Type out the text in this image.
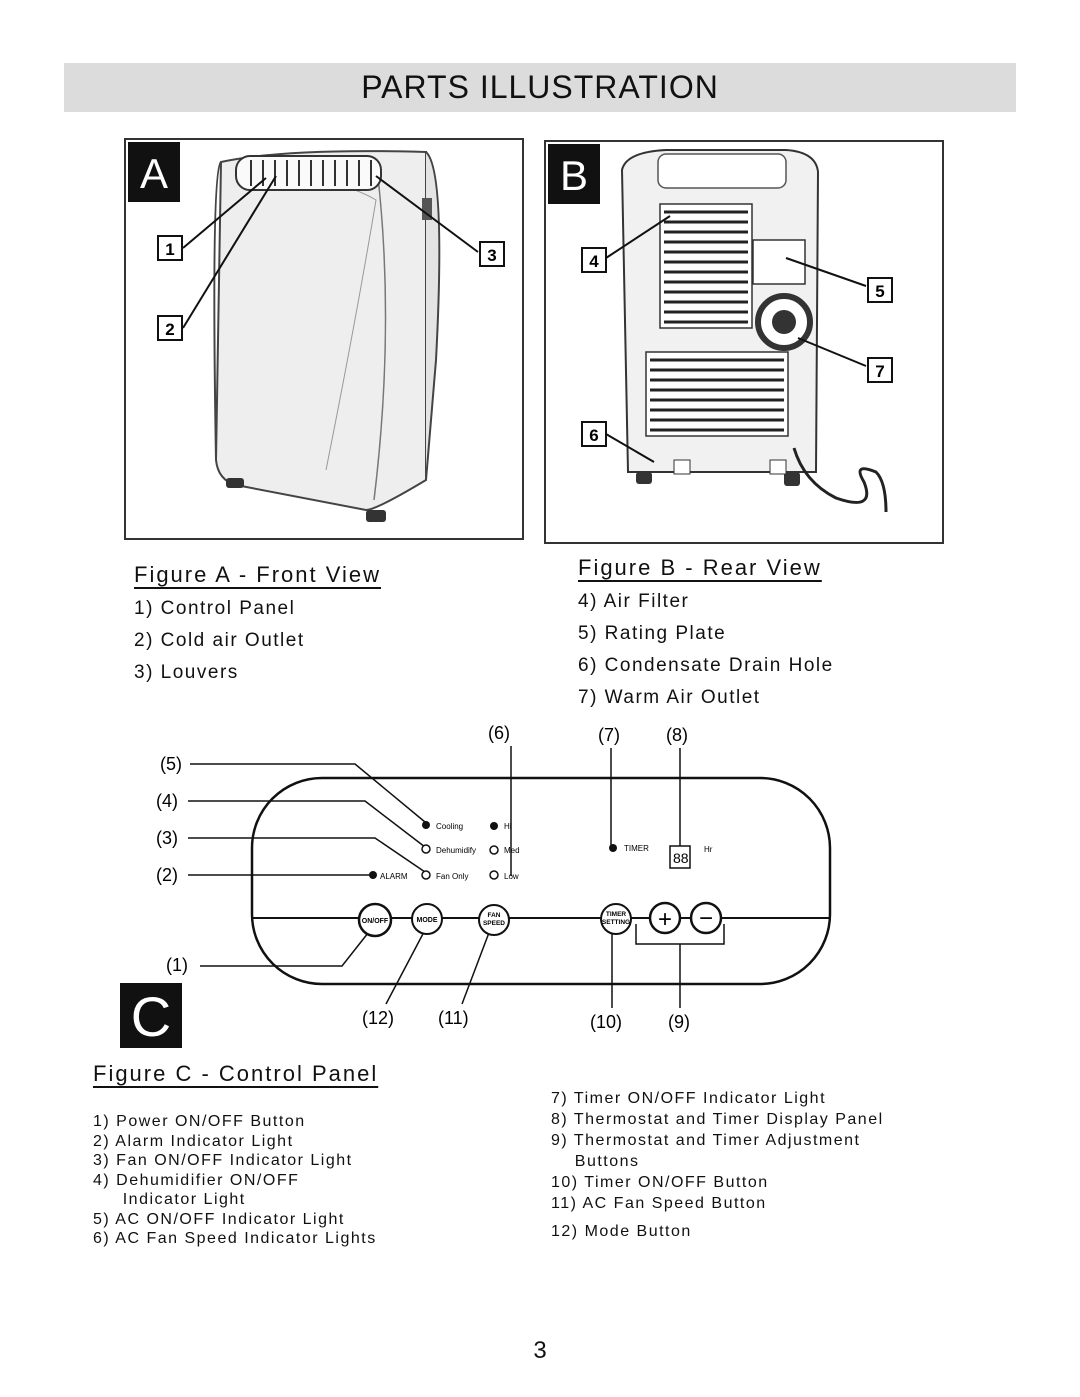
PARTS ILLUSTRATION
A
1
2
3
B
4
5
6
7
Figure A - Front View
1) Control Panel
2) Cold air Outlet
3) Louvers
Figure B - Rear View
4) Air Filter
5) Rating Plate
6) Condensate Drain Hole
7) Warm Air Outlet
C
(5)
(4)
(3)
(2)
(1)
(6)	(7)	(8)
(12) (11)	(10)	(9)
Cooling
Dehumidify
Fan Only
ALARM
Hi
Med
Low
TIMER
88
Hr
ON/OFF	MODE
FAN
SPEED
TIMER
SETTING + −
Figure C - Control Panel
1) Power ON/OFF Button
2) Alarm Indicator Light
3) Fan ON/OFF Indicator Light
4) Dehumidifier ON/OFF
Indicator Light
5) AC ON/OFF Indicator Light
6) AC Fan Speed Indicator Lights
7) Timer ON/OFF Indicator Light
8) Thermostat and Timer Display Panel
9) Thermostat and Timer Adjustment
Buttons
10) Timer ON/OFF Button
11) AC Fan Speed Button
12) Mode Button
3
